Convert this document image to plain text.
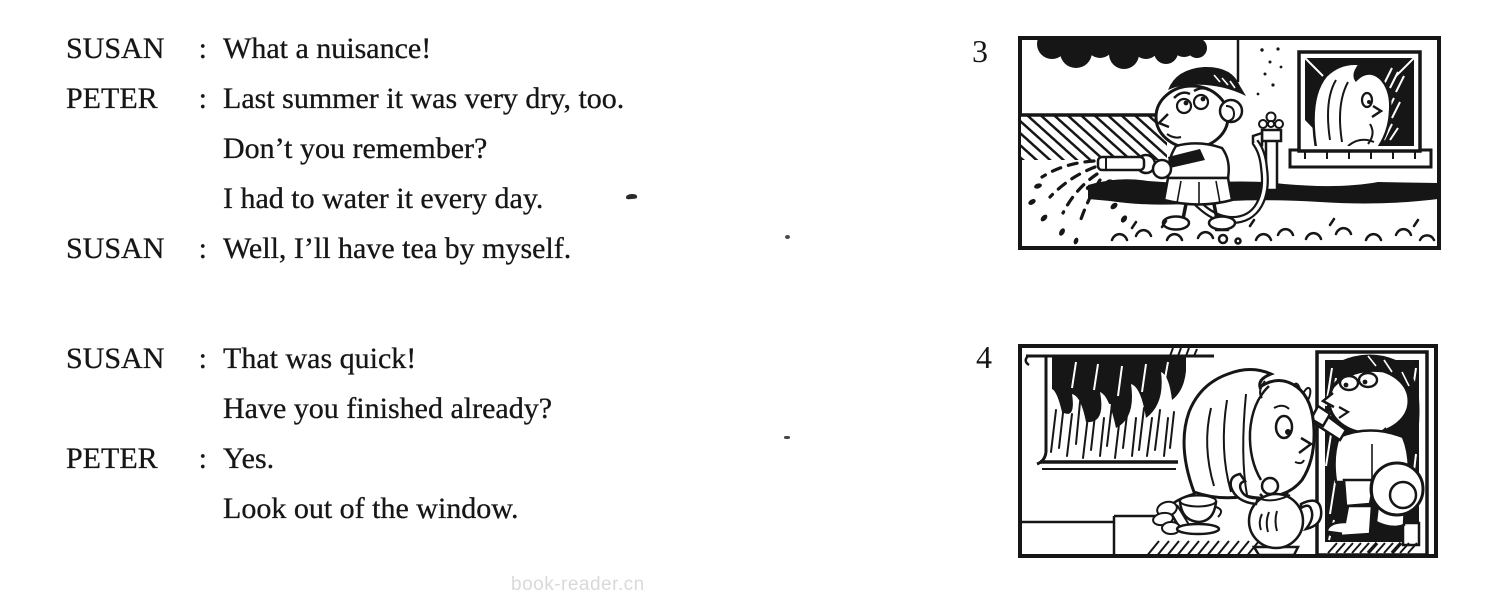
SUSAN : What a nuisance!
PETER : Last summer it was very dry, too.
Don’t you remember?
I had to water it every day.
SUSAN : Well, I’ll have tea by myself.
SUSAN : That was quick!
Have you finished already?
PETER : Yes.
Look out of the window.
3
4
book-reader.cn
